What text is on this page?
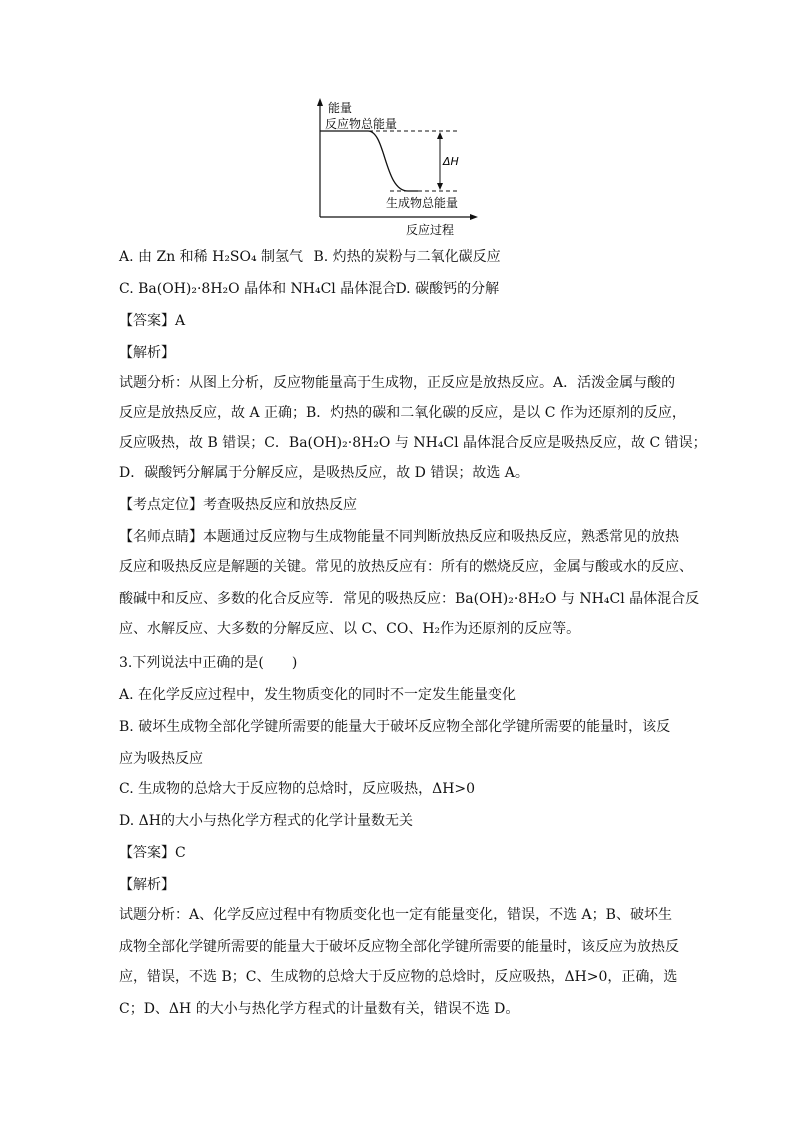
能量
反应物总能量
ΔH
生成物总能量
反应过程
A. 由 Zn 和稀 H₂SO₄ 制氢气 B. 灼热的炭粉与二氧化碳反应
C. Ba(OH)₂·8H₂O 晶体和 NH₄Cl 晶体混合 D. 碳酸钙的分解
【答案】A
【解析】
试题分析：从图上分析，反应物能量高于生成物，正反应是放热反应。A．活泼金属与酸的
反应是放热反应，故 A 正确；B．灼热的碳和二氧化碳的反应，是以 C 作为还原剂的反应，
反应吸热，故 B 错误；C．Ba(OH)₂·8H₂O 与 NH₄Cl 晶体混合反应是吸热反应，故 C 错误；
D．碳酸钙分解属于分解反应，是吸热反应，故 D 错误；故选 A。
【考点定位】考查吸热反应和放热反应
【名师点睛】本题通过反应物与生成物能量不同判断放热反应和吸热反应，熟悉常见的放热
反应和吸热反应是解题的关键。常见的放热反应有：所有的燃烧反应，金属与酸或水的反应、
酸碱中和反应、多数的化合反应等．常见的吸热反应：Ba(OH)₂·8H₂O 与 NH₄Cl 晶体混合反
应、水解反应、大多数的分解反应、以 C、CO、H₂作为还原剂的反应等。
3.下列说法中正确的是(　　)
A. 在化学反应过程中，发生物质变化的同时不一定发生能量变化
B. 破坏生成物全部化学键所需要的能量大于破坏反应物全部化学键所需要的能量时，该反
应为吸热反应
C. 生成物的总焓大于反应物的总焓时，反应吸热，ΔH>0
D. ΔH的大小与热化学方程式的化学计量数无关
【答案】C
【解析】
试题分析：A、化学反应过程中有物质变化也一定有能量变化，错误，不选 A；B、破坏生
成物全部化学键所需要的能量大于破坏反应物全部化学键所需要的能量时，该反应为放热反
应，错误，不选 B；C、生成物的总焓大于反应物的总焓时，反应吸热，ΔH>0，正确，选
C；D、ΔH 的大小与热化学方程式的计量数有关，错误不选 D。
